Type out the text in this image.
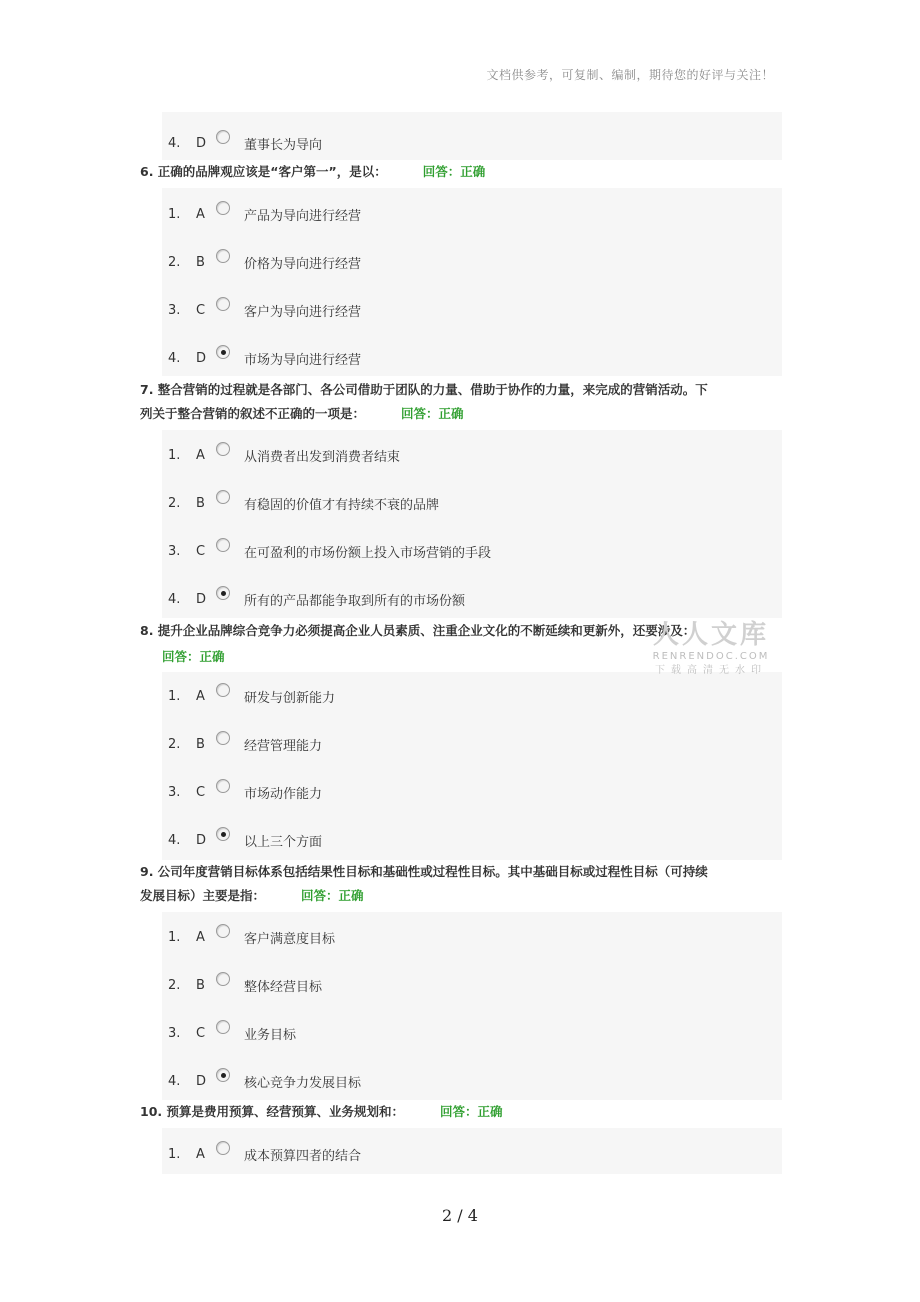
文档供参考，可复制、编制，期待您的好评与关注！
4.	D	董事长为导向
6. 正确的品牌观应该是“客户第一”，是以：	回答：正确
1.	A	产品为导向进行经营
2.	B	价格为导向进行经营
3.	C	客户为导向进行经营
4.	D	市场为导向进行经营
7. 整合营销的过程就是各部门、各公司借助于团队的力量、借助于协作的力量，来完成的营销活动。下
列关于整合营销的叙述不正确的一项是：	回答：正确
1.	A	从消费者出发到消费者结束
2.	B	有稳固的价值才有持续不衰的品牌
3.	C	在可盈利的市场份额上投入市场营销的手段
4.	D	所有的产品都能争取到所有的市场份额
8. 提升企业品牌综合竞争力必须提高企业人员素质、注重企业文化的不断延续和更新外，还要涉及：
回答：正确
1.	A	研发与创新能力
2.	B	经营管理能力
3.	C	市场动作能力
4.	D	以上三个方面
9. 公司年度营销目标体系包括结果性目标和基础性或过程性目标。其中基础目标或过程性目标（可持续
发展目标）主要是指：	回答：正确
1.	A	客户满意度目标
2.	B	整体经营目标
3.	C	业务目标
4.	D	核心竞争力发展目标
10. 预算是费用预算、经营预算、业务规划和：	回答：正确
1.	A	成本预算四者的结合
人人文库
RENRENDOC.COM
下载高清无水印
2 / 4
